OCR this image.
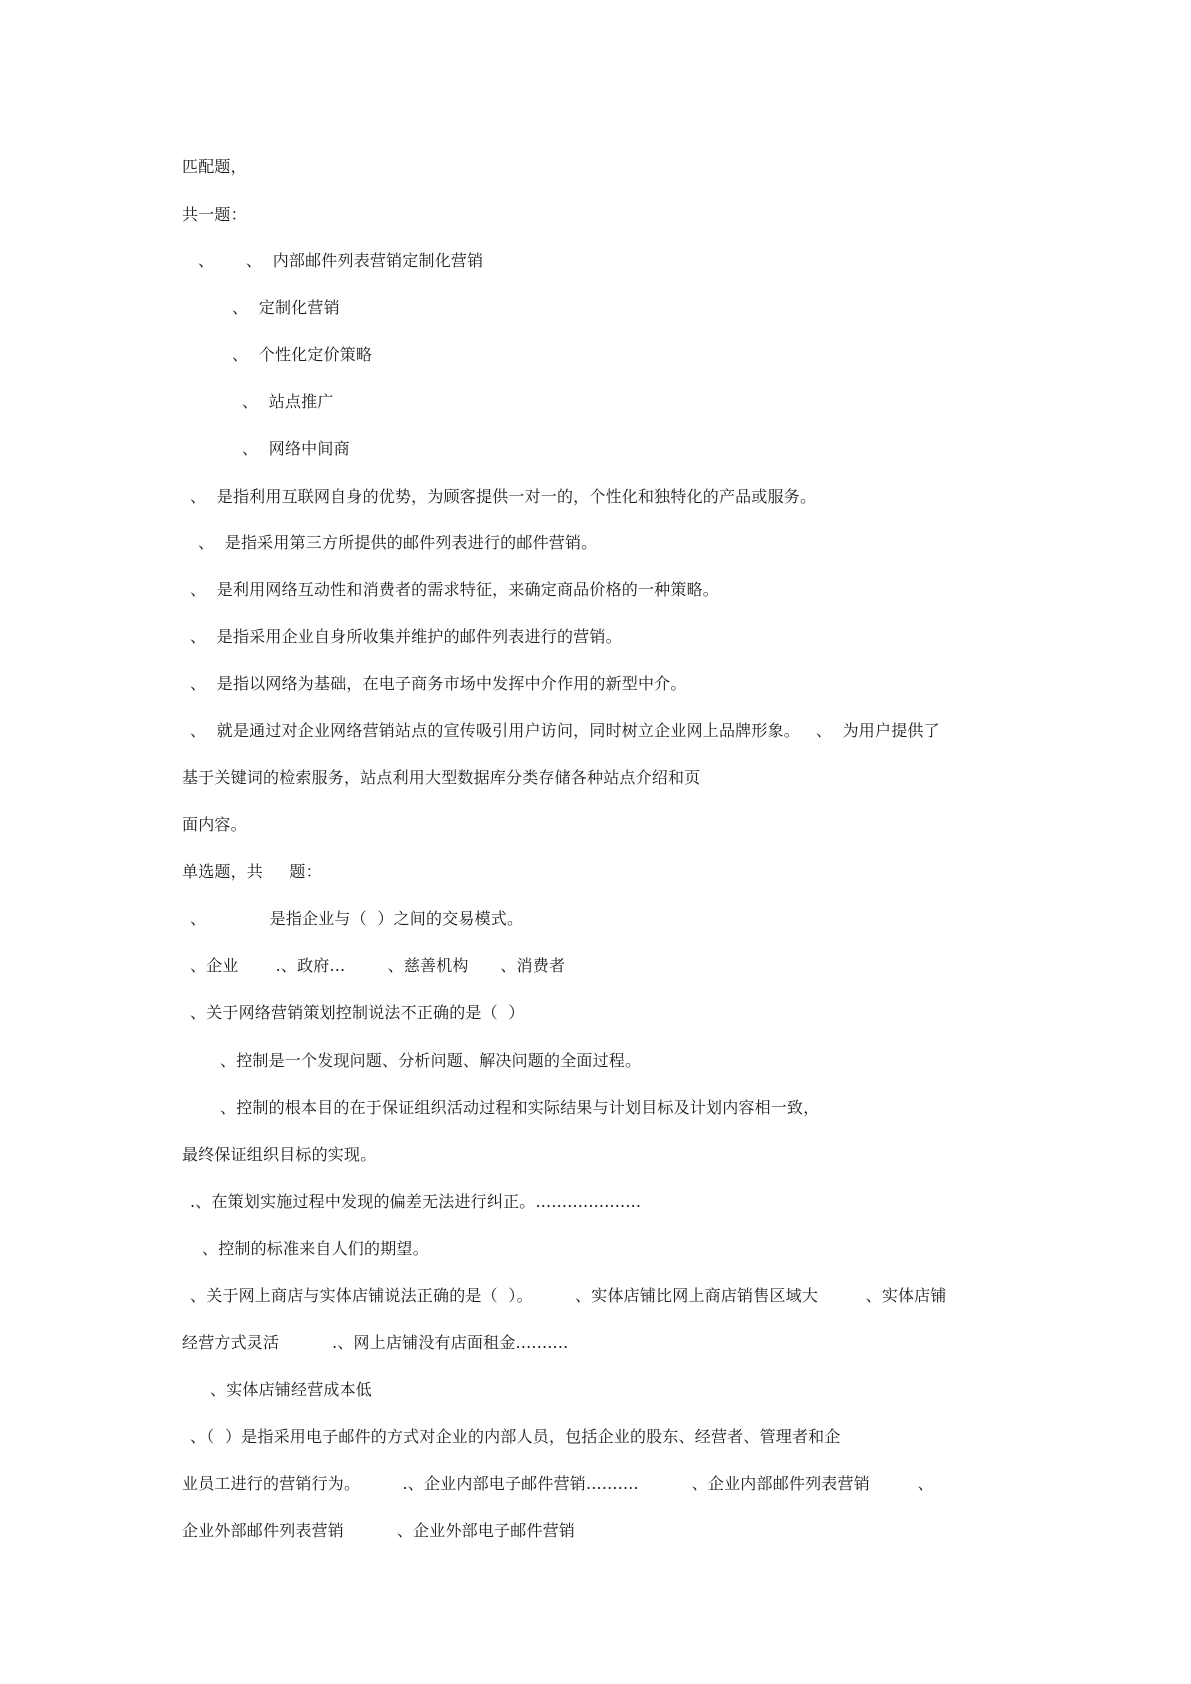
匹配题，
共一题：
、      、  内部邮件列表营销定制化营销
、  定制化营销
、  个性化定价策略
、  站点推广
、  网络中间商
、  是指利用互联网自身的优势，为顾客提供一对一的，个性化和独特化的产品或服务。
、  是指采用第三方所提供的邮件列表进行的邮件营销。
、  是利用网络互动性和消费者的需求特征，来确定商品价格的一种策略。
、  是指采用企业自身所收集并维护的邮件列表进行的营销。
、  是指以网络为基础，在电子商务市场中发挥中介作用的新型中介。
、  就是通过对企业网络营销站点的宣传吸引用户访问，同时树立企业网上品牌形象。   、  为用户提供了
基于关键词的检索服务，站点利用大型数据库分类存储各种站点介绍和页
面内容。
单选题，共     题：
、            是指企业与（  ）之间的交易模式。
、企业       .、政府...        、慈善机构      、消费者
、关于网络营销策划控制说法不正确的是（  ）
、控制是一个发现问题、分析问题、解决问题的全面过程。
、控制的根本目的在于保证组织活动过程和实际结果与计划目标及计划内容相一致，
最终保证组织目标的实现。
.、在策划实施过程中发现的偏差无法进行纠正。....................
、控制的标准来自人们的期望。
、关于网上商店与实体店铺说法正确的是（  ）。        、实体店铺比网上商店销售区域大         、实体店铺
经营方式灵活          .、网上店铺没有店面租金..........
、实体店铺经营成本低
、（  ）是指采用电子邮件的方式对企业的内部人员，包括企业的股东、经营者、管理者和企
业员工进行的营销行为。        .、企业内部电子邮件营销..........          、企业内部邮件列表营销         、
企业外部邮件列表营销          、企业外部电子邮件营销
